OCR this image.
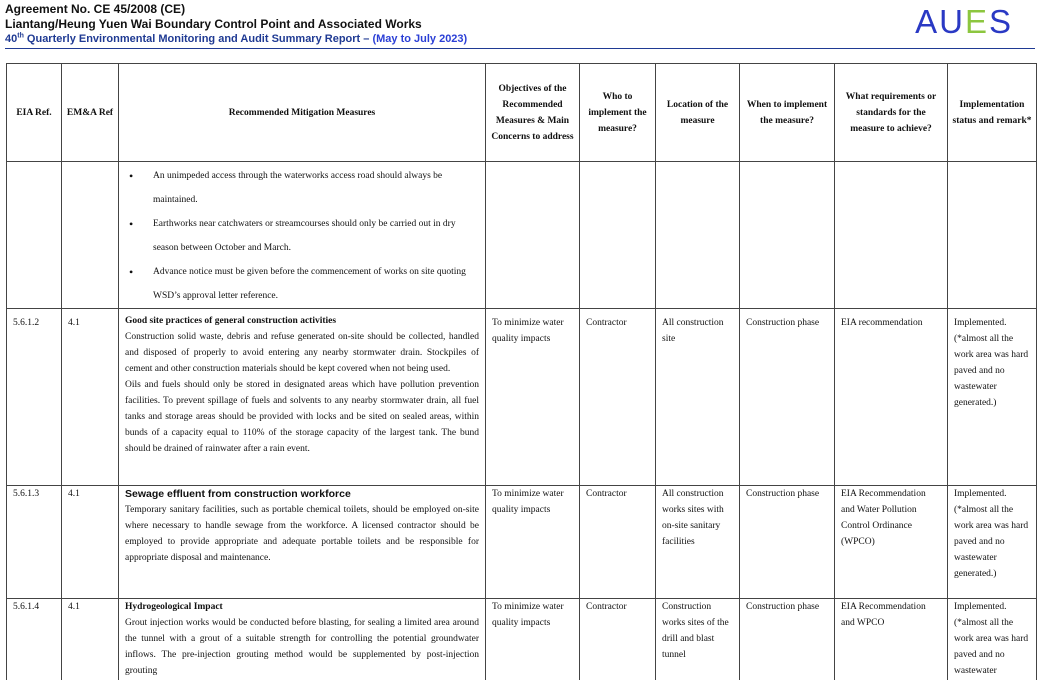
Agreement No. CE 45/2008 (CE)
Liantang/Heung Yuen Wai Boundary Control Point and Associated Works
40th Quarterly Environmental Monitoring and Audit Summary Report – (May to July 2023)	AUES
EIA Ref.	EM&A Ref	Recommended Mitigation Measures	Objectives of the Recommended Measures & Main Concerns to address	Who to implement the measure?	Location of the measure	When to implement the measure?	What requirements or standards for the measure to achieve?	Implementation status and remark*

		• An unimpeded access through the waterworks access road should always be maintained.
• Earthworks near catchwaters or streamcourses should only be carried out in dry season between October and March.
• Advance notice must be given before the commencement of works on site quoting WSD’s approval letter reference.

5.6.1.2	4.1	Good site practices of general construction activities
Construction solid waste, debris and refuse generated on-site should be collected, handled and disposed of properly to avoid entering any nearby stormwater drain. Stockpiles of cement and other construction materials should be kept covered when not being used.
Oils and fuels should only be stored in designated areas which have pollution prevention facilities. To prevent spillage of fuels and solvents to any nearby stormwater drain, all fuel tanks and storage areas should be provided with locks and be sited on sealed areas, within bunds of a capacity equal to 110% of the storage capacity of the largest tank. The bund should be drained of rainwater after a rain event.	To minimize water quality impacts	Contractor	All construction site	Construction phase	EIA recommendation	Implemented. (*almost all the work area was hard paved and no wastewater generated.)
5.6.1.3	4.1	Sewage effluent from construction workforce
Temporary sanitary facilities, such as portable chemical toilets, should be employed on-site where necessary to handle sewage from the workforce. A licensed contractor should be employed to provide appropriate and adequate portable toilets and be responsible for appropriate disposal and maintenance.	To minimize water quality impacts	Contractor	All construction works sites with on-site sanitary facilities	Construction phase	EIA Recommendation and Water Pollution Control Ordinance (WPCO)	Implemented. (*almost all the work area was hard paved and no wastewater generated.)
5.6.1.4	4.1	Hydrogeological Impact
Grout injection works would be conducted before blasting, for sealing a limited area around the tunnel with a grout of a suitable strength for controlling the potential groundwater inflows. The pre-injection grouting method would be supplemented by post-injection grouting	To minimize water quality impacts	Contractor	Construction works sites of the drill and blast tunnel	Construction phase	EIA Recommendation and WPCO	Implemented. (*almost all the work area was hard paved and no wastewater
